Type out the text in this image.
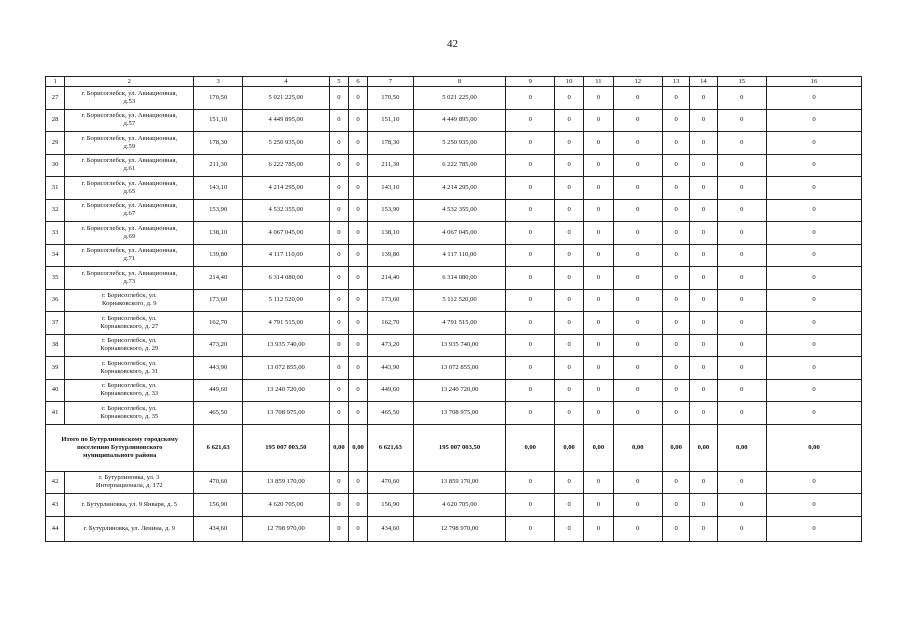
42
1	2	3	4	5	6	7	8	9	10	11	12	13	14	15	16
27	г. Борисоглебск, ул. Авиационная,
д.53	170,50	5 021 225,00	0	0	170,50	5 021 225,00	0	0	0	0	0	0	0	0
28	г. Борисоглебск, ул. Авиационная,
д.57	151,10	4 449 895,00	0	0	151,10	4 449 895,00	0	0	0	0	0	0	0	0
29	г. Борисоглебск, ул. Авиационная,
д.59	178,30	5 250 935,00	0	0	178,30	5 250 935,00	0	0	0	0	0	0	0	0
30	г. Борисоглебск, ул. Авиационная,
д.61	211,30	6 222 785,00	0	0	211,30	6 222 785,00	0	0	0	0	0	0	0	0
31	г. Борисоглебск, ул. Авиационная,
д.65	143,10	4 214 295,00	0	0	143,10	4 214 295,00	0	0	0	0	0	0	0	0
32	г. Борисоглебск, ул. Авиационная,
д.67	153,90	4 532 355,00	0	0	153,90	4 532 355,00	0	0	0	0	0	0	0	0
33	г. Борисоглебск, ул. Авиационная,
д.69	138,10	4 067 045,00	0	0	138,10	4 067 045,00	0	0	0	0	0	0	0	0
34	г. Борисоглебск, ул. Авиационная,
д.71	139,80	4 117 110,00	0	0	139,80	4 117 110,00	0	0	0	0	0	0	0	0
35	г. Борисоглебск, ул. Авиационная,
д.73	214,40	6 314 080,00	0	0	214,40	6 314 080,00	0	0	0	0	0	0	0	0
36	г. Борисоглебск, ул.
Корнаковского, д. 9	173,60	5 112 520,00	0	0	173,60	5 112 520,00	0	0	0	0	0	0	0	0
37	г. Борисоглебск, ул.
Корнаковского, д. 27	162,70	4 791 515,00	0	0	162,70	4 791 515,00	0	0	0	0	0	0	0	0
38	г. Борисоглебск, ул.
Корнаковского, д. 29	473,20	13 935 740,00	0	0	473,20	13 935 740,00	0	0	0	0	0	0	0	0
39	г. Борисоглебск, ул.
Корнаковского, д. 31	443,90	13 072 855,00	0	0	443,90	13 072 855,00	0	0	0	0	0	0	0	0
40	г. Борисоглебск, ул.
Корнаковского, д. 33	449,60	13 240 720,00	0	0	449,60	13 240 720,00	0	0	0	0	0	0	0	0
41	г. Борисоглебск, ул.
Корнаковского, д. 35	465,50	13 708 975,00	0	0	465,50	13 708 975,00	0	0	0	0	0	0	0	0

Итого по Бутурлиновскому городскому
поселению Бутурлиновского
муниципального района		6 621,63	195 007 003,50	0,00	0,00	6 621,63	195 007 003,50	0,00	0,00	0,00	0,00	0,00	0,00	0,00	0,00
42	г. Бутурлиновка, ул. 3
Интернационала, д. 172	470,60	13 859 170,00	0	0	470,60	13 859 170,00	0	0	0	0	0	0	0	0
43	г. Бутурлиновка, ул. 9 Января, д. 5	156,90	4 620 705,00	0	0	156,90	4 620 705,00	0	0	0	0	0	0	0	0
44	г. Бутурлиновка, ул. Ленина, д. 9	434,60	12 798 970,00	0	0	434,60	12 798 970,00	0	0	0	0	0	0	0	0
